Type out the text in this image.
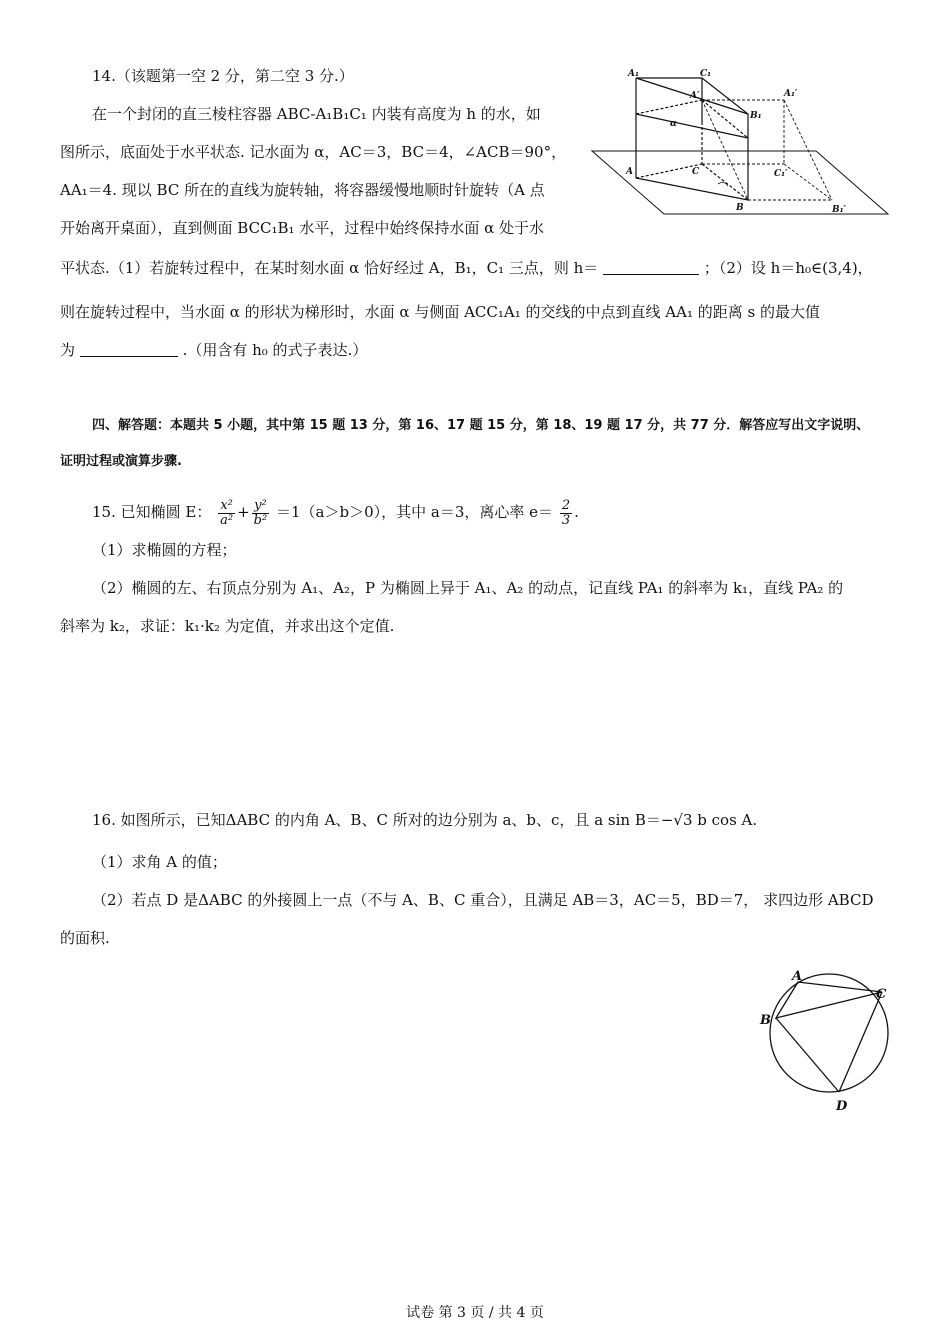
14.（该题第一空 2 分，第二空 3 分.）
在一个封闭的直三棱柱容器 ABC-A₁B₁C₁ 内装有高度为 h 的水，如
图所示，底面处于水平状态. 记水面为 α，AC＝3，BC＝4，∠ACB＝90°，
AA₁＝4. 现以 BC 所在的直线为旋转轴，将容器缓慢地顺时针旋转（A 点
开始离开桌面），直到侧面 BCC₁B₁ 水平，过程中始终保持水面 α 处于水
平状态.（1）若旋转过程中，在某时刻水面 α 恰好经过 A，B₁，C₁ 三点，则 h＝	；（2）设 h＝h₀∈(3,4)，
则在旋转过程中，当水面 α 的形状为梯形时，水面 α 与侧面 ACC₁A₁ 的交线的中点到直线 AA₁ 的距离 s 的最大值
为	.（用含有 h₀ 的式子表达.）
A₁	C₁
A′	A₁′
α
B₁
A	C	C₁′
B	B₁′
四、解答题：本题共 5 小题，其中第 15 题 13 分，第 16、17 题 15 分，第 18、19 题 17 分，共 77 分．解答应写出文字说明、
证明过程或演算步骤.
15. 已知椭圆 E： $\frac{\text{x²}}{\text{a²}} + \frac{\text{y²}}{\text{b²}} =1(a>b>0)$，其中 a＝3，离心率 $e= \frac{2}{3}$ .
（1）求椭圆的方程；
（2）椭圆的左、右顶点分别为 A₁、A₂，P 为椭圆上异于 A₁、A₂ 的动点，记直线 PA₁ 的斜率为 k₁，直线 PA₂ 的
斜率为 k₂，求证：k₁·k₂ 为定值，并求出这个定值.
16. 如图所示，已知ΔABC 的内角 A、B、C 所对的边分别为 a、b、c，且 a sin B＝−√3 b cos A.
（1）求角 A 的值；
（2）若点 D 是ΔABC 的外接圆上一点（不与 A、B、C 重合），且满足 AB＝3，AC＝5，BD＝7， 求四边形 ABCD
的面积.
A
C
B
D
试卷 第 3 页 / 共 4 页
